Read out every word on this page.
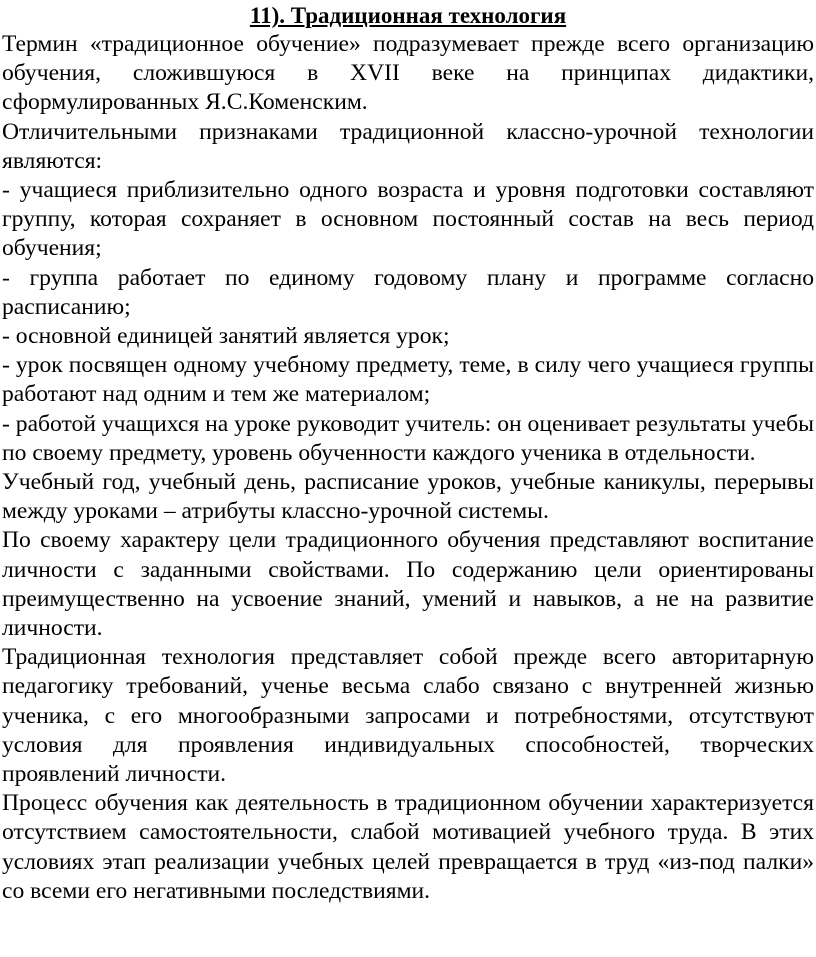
11). Традиционная технология

Термин «традиционное обучение» подразумевает прежде всего организацию обучения, сложившуюся в XVII веке на принципах дидактики, сформулированных Я.С.Коменским.

Отличительными признаками традиционной классно-урочной технологии являются:

- учащиеся приблизительно одного возраста и уровня подготовки составляют группу, которая сохраняет в основном постоянный состав на весь период обучения;

- группа работает по единому годовому плану и программе согласно расписанию;

- основной единицей занятий является урок;

- урок посвящен одному учебному предмету, теме, в силу чего учащиеся группы работают над одним и тем же материалом;

- работой учащихся на уроке руководит учитель: он оценивает результаты учебы по своему предмету, уровень обученности каждого ученика в отдельности.

Учебный год, учебный день, расписание уроков, учебные каникулы, перерывы между уроками – атрибуты классно-урочной системы.

По своему характеру цели традиционного обучения представляют воспитание личности с заданными свойствами. По содержанию цели ориентированы преимущественно на усвоение знаний, умений и навыков, а не на развитие личности.

Традиционная технология представляет собой прежде всего авторитарную педагогику требований, ученье весьма слабо связано с внутренней жизнью ученика, с его многообразными запросами и потребностями, отсутствуют условия для проявления индивидуальных способностей, творческих проявлений личности.

Процесс обучения как деятельность в традиционном обучении характеризуется отсутствием самостоятельности, слабой мотивацией учебного труда. В этих условиях этап реализации учебных целей превращается в труд «из-под палки» со всеми его негативными последствиями.
